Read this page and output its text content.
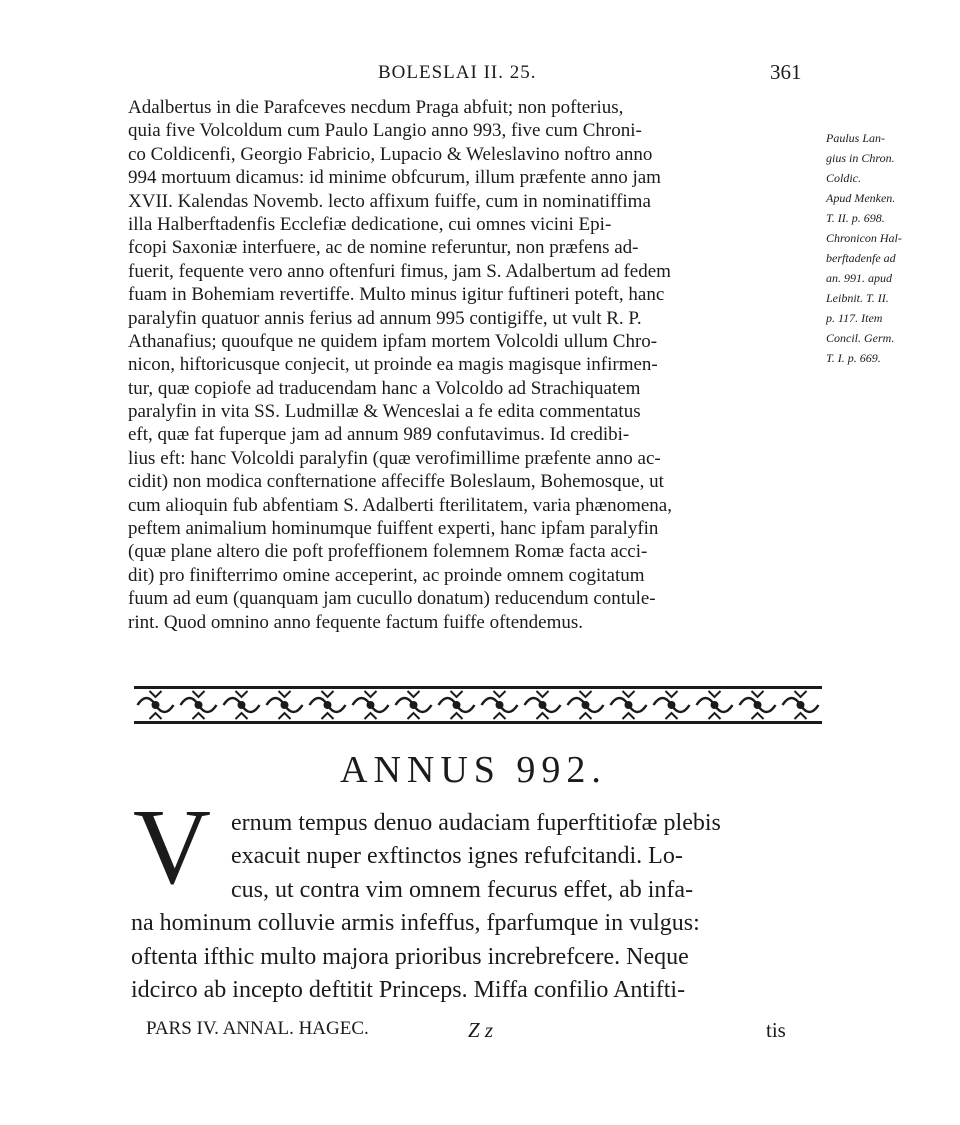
BOLESLAI II. 25.	361
Adalbertus in die Parafceves necdum Praga abfuit; non pofterius,
quia five Volcoldum cum Paulo Langio anno 993, five cum Chroni-
co Coldicenfi, Georgio Fabricio, Lupacio & Weleslavino noftro anno
994 mortuum dicamus: id minime obfcurum, illum præfente anno jam
XVII. Kalendas Novemb. lecto affixum fuiffe, cum in nominatiffima
illa Halberftadenfis Ecclefiæ dedicatione, cui omnes vicini Epi-
fcopi Saxoniæ interfuere, ac de nomine referuntur, non præfens ad-
fuerit, fequente vero anno oftenfuri fimus, jam S. Adalbertum ad fedem
fuam in Bohemiam revertiffe. Multo minus igitur fuftineri poteft, hanc
paralyfin quatuor annis ferius ad annum 995 contigiffe, ut vult R. P.
Athanafius; quoufque ne quidem ipfam mortem Volcoldi ullum Chro-
nicon, hiftoricusque conjecit, ut proinde ea magis magisque infirmen-
tur, quæ copiofe ad traducendam hanc a Volcoldo ad Strachiquatem
paralyfin in vita SS. Ludmillæ & Wenceslai a fe edita commentatus
eft, quæ fat fuperque jam ad annum 989 confutavimus. Id credibi-
lius eft: hanc Volcoldi paralyfin (quæ verofimillime præfente anno ac-
cidit) non modica confternatione affeciffe Boleslaum, Bohemosque, ut
cum alioquin fub abfentiam S. Adalberti fterilitatem, varia phænomena,
peftem animalium hominumque fuiffent experti, hanc ipfam paralyfin
(quæ plane altero die poft profeffionem folemnem Romæ facta acci-
dit) pro finifterrimo omine acceperint, ac proinde omnem cogitatum
fuum ad eum (quanquam jam cucullo donatum) reducendum contule-
rint. Quod omnino anno fequente factum fuiffe oftendemus.
Paulus Lan-
gius in Chron.
Coldic.
Apud Menken.
T. II. p. 698.
Chronicon Hal-
berftadenfe ad
an. 991. apud
Leibnit. T. II.
p. 117. Item
Concil. Germ.
T. I. p. 669.
ANNUS 992.
V ernum tempus denuo audaciam fuperftitiofæ plebis
exacuit nuper exftinctos ignes refufcitandi. Lo-
cus, ut contra vim omnem fecurus effet, ab infa-
na hominum colluvie armis infeffus, fparfumque in vulgus:
oftenta ifthic multo majora prioribus increbrefcere. Neque
idcirco ab incepto deftitit Princeps. Miffa confilio Antifti-
PARS IV. ANNAL. HAGEC.	Z z	tis
